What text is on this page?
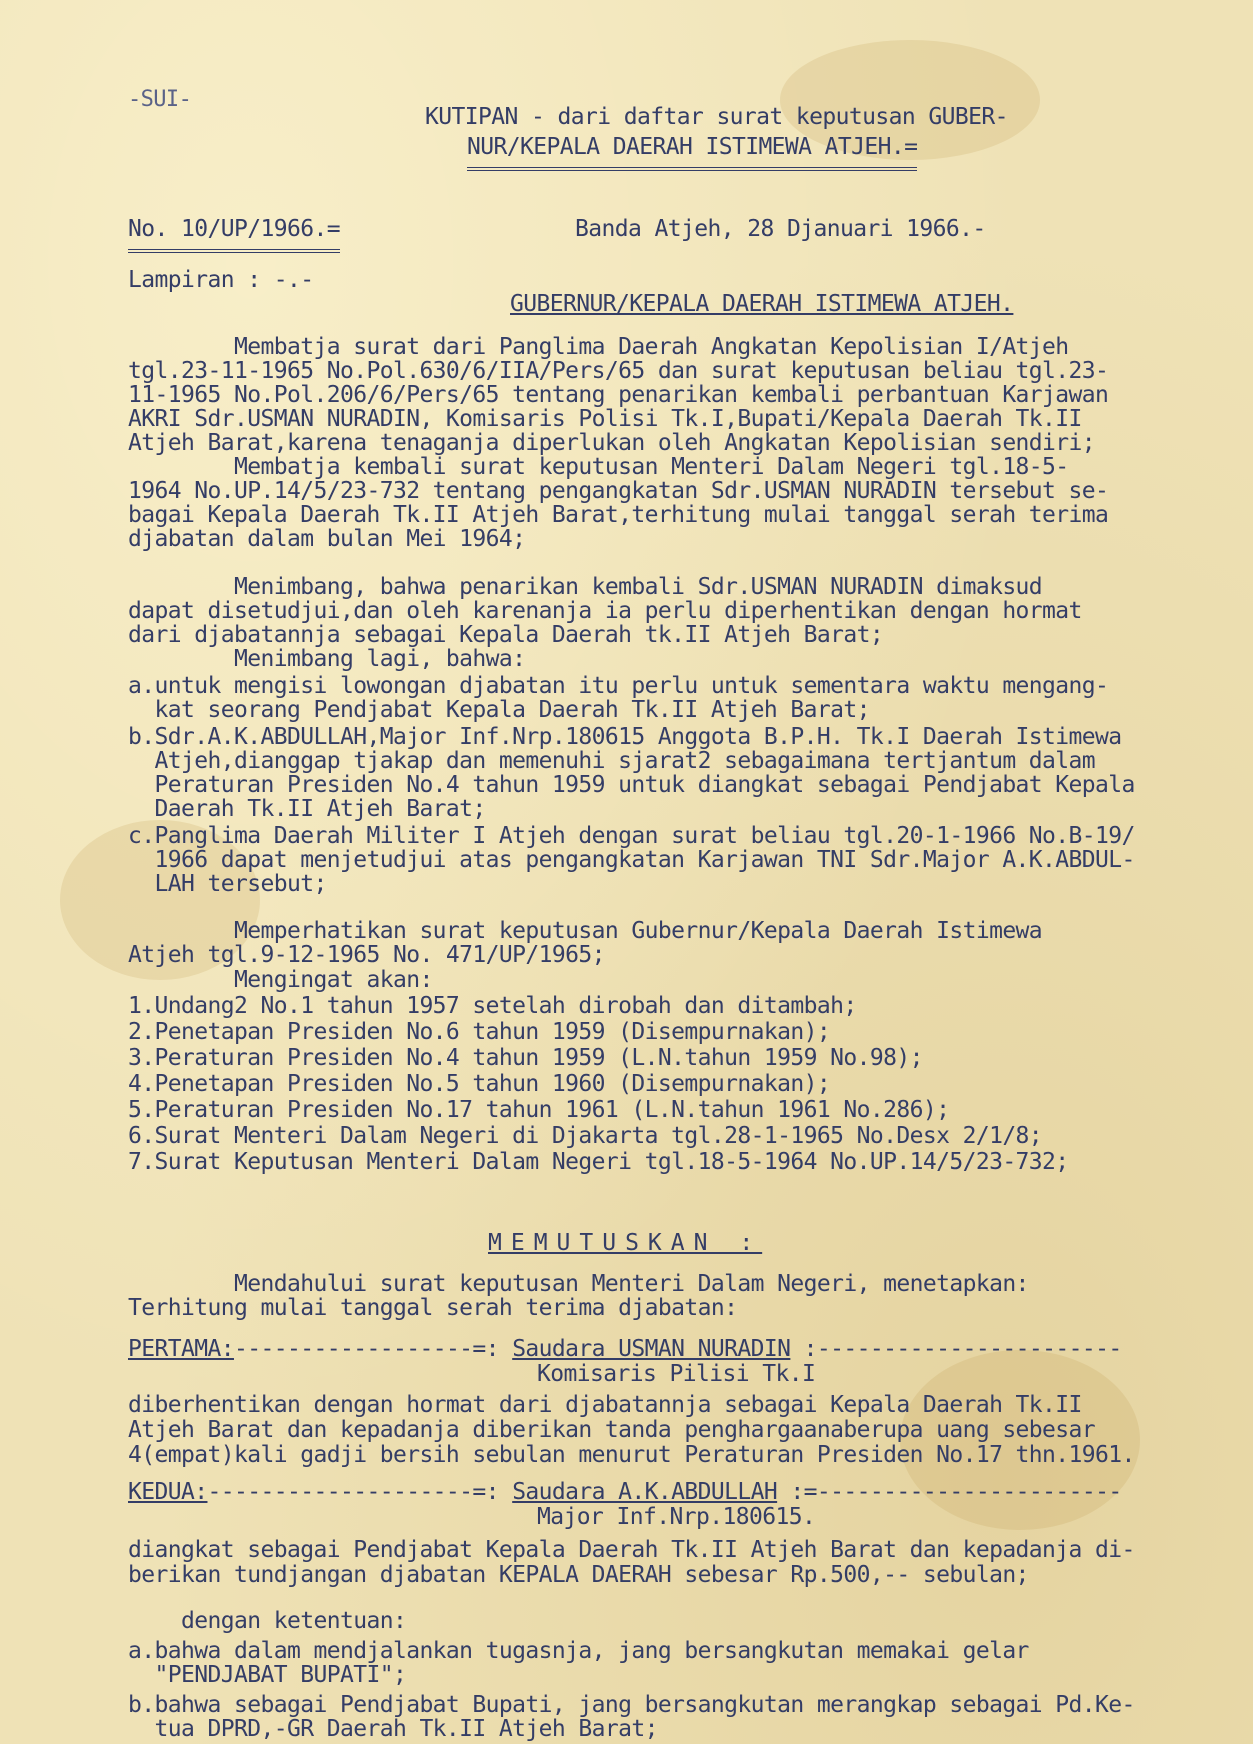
-SUI-
KUTIPAN - dari daftar surat keputusan GUBER-
NUR/KEPALA DAERAH ISTIMEWA ATJEH.=
No. 10/UP/1966.=	Banda Atjeh, 28 Djanuari 1966.-
Lampiran : -.-
GUBERNUR/KEPALA DAERAH ISTIMEWA ATJEH.
Membatja surat dari Panglima Daerah Angkatan Kepolisian I/Atjeh
tgl.23-11-1965 No.Pol.630/6/IIA/Pers/65 dan surat keputusan beliau tgl.23-
11-1965 No.Pol.206/6/Pers/65 tentang penarikan kembali perbantuan Karjawan
AKRI Sdr.USMAN NURADIN, Komisaris Polisi Tk.I,Bupati/Kepala Daerah Tk.II
Atjeh Barat,karena tenaganja diperlukan oleh Angkatan Kepolisian sendiri;
Membatja kembali surat keputusan Menteri Dalam Negeri tgl.18-5-
1964 No.UP.14/5/23-732 tentang pengangkatan Sdr.USMAN NURADIN tersebut se-
bagai Kepala Daerah Tk.II Atjeh Barat,terhitung mulai tanggal serah terima
djabatan dalam bulan Mei 1964;
Menimbang, bahwa penarikan kembali Sdr.USMAN NURADIN dimaksud
dapat disetudjui,dan oleh karenanja ia perlu diperhentikan dengan hormat
dari djabatannja sebagai Kepala Daerah tk.II Atjeh Barat;
Menimbang lagi, bahwa:
a.untuk mengisi lowongan djabatan itu perlu untuk sementara waktu mengang-
kat seorang Pendjabat Kepala Daerah Tk.II Atjeh Barat;
b.Sdr.A.K.ABDULLAH,Major Inf.Nrp.180615 Anggota B.P.H. Tk.I Daerah Istimewa
Atjeh,dianggap tjakap dan memenuhi sjarat2 sebagaimana tertjantum dalam
Peraturan Presiden No.4 tahun 1959 untuk diangkat sebagai Pendjabat Kepala
Daerah Tk.II Atjeh Barat;
c.Panglima Daerah Militer I Atjeh dengan surat beliau tgl.20-1-1966 No.B-19/
1966 dapat menjetudjui atas pengangkatan Karjawan TNI Sdr.Major A.K.ABDUL-
LAH tersebut;
Memperhatikan surat keputusan Gubernur/Kepala Daerah Istimewa
Atjeh tgl.9-12-1965 No. 471/UP/1965;
Mengingat akan:
1.Undang2 No.1 tahun 1957 setelah dirobah dan ditambah;
2.Penetapan Presiden No.6 tahun 1959 (Disempurnakan);
3.Peraturan Presiden No.4 tahun 1959 (L.N.tahun 1959 No.98);
4.Penetapan Presiden No.5 tahun 1960 (Disempurnakan);
5.Peraturan Presiden No.17 tahun 1961 (L.N.tahun 1961 No.286);
6.Surat Menteri Dalam Negeri di Djakarta tgl.28-1-1965 No.Desx 2/1/8;
7.Surat Keputusan Menteri Dalam Negeri tgl.18-5-1964 No.UP.14/5/23-732;
MEMUTUSKAN :
Mendahului surat keputusan Menteri Dalam Negeri, menetapkan:
Terhitung mulai tanggal serah terima djabatan:
PERTAMA:------------------=: Saudara USMAN NURADIN :-----------------------
Komisaris Pilisi Tk.I
diberhentikan dengan hormat dari djabatannja sebagai Kepala Daerah Tk.II
Atjeh Barat dan kepadanja diberikan tanda penghargaanaberupa uang sebesar
4(empat)kali gadji bersih sebulan menurut Peraturan Presiden No.17 thn.1961.
KEDUA:--------------------=: Saudara A.K.ABDULLAH :=-----------------------
Major Inf.Nrp.180615.
diangkat sebagai Pendjabat Kepala Daerah Tk.II Atjeh Barat dan kepadanja di-
berikan tundjangan djabatan KEPALA DAERAH sebesar Rp.500,-- sebulan;
dengan ketentuan:
a.bahwa dalam mendjalankan tugasnja, jang bersangkutan memakai gelar
"PENDJABAT BUPATI";
b.bahwa sebagai Pendjabat Bupati, jang bersangkutan merangkap sebagai Pd.Ke-
tua DPRD,-GR Daerah Tk.II Atjeh Barat;
